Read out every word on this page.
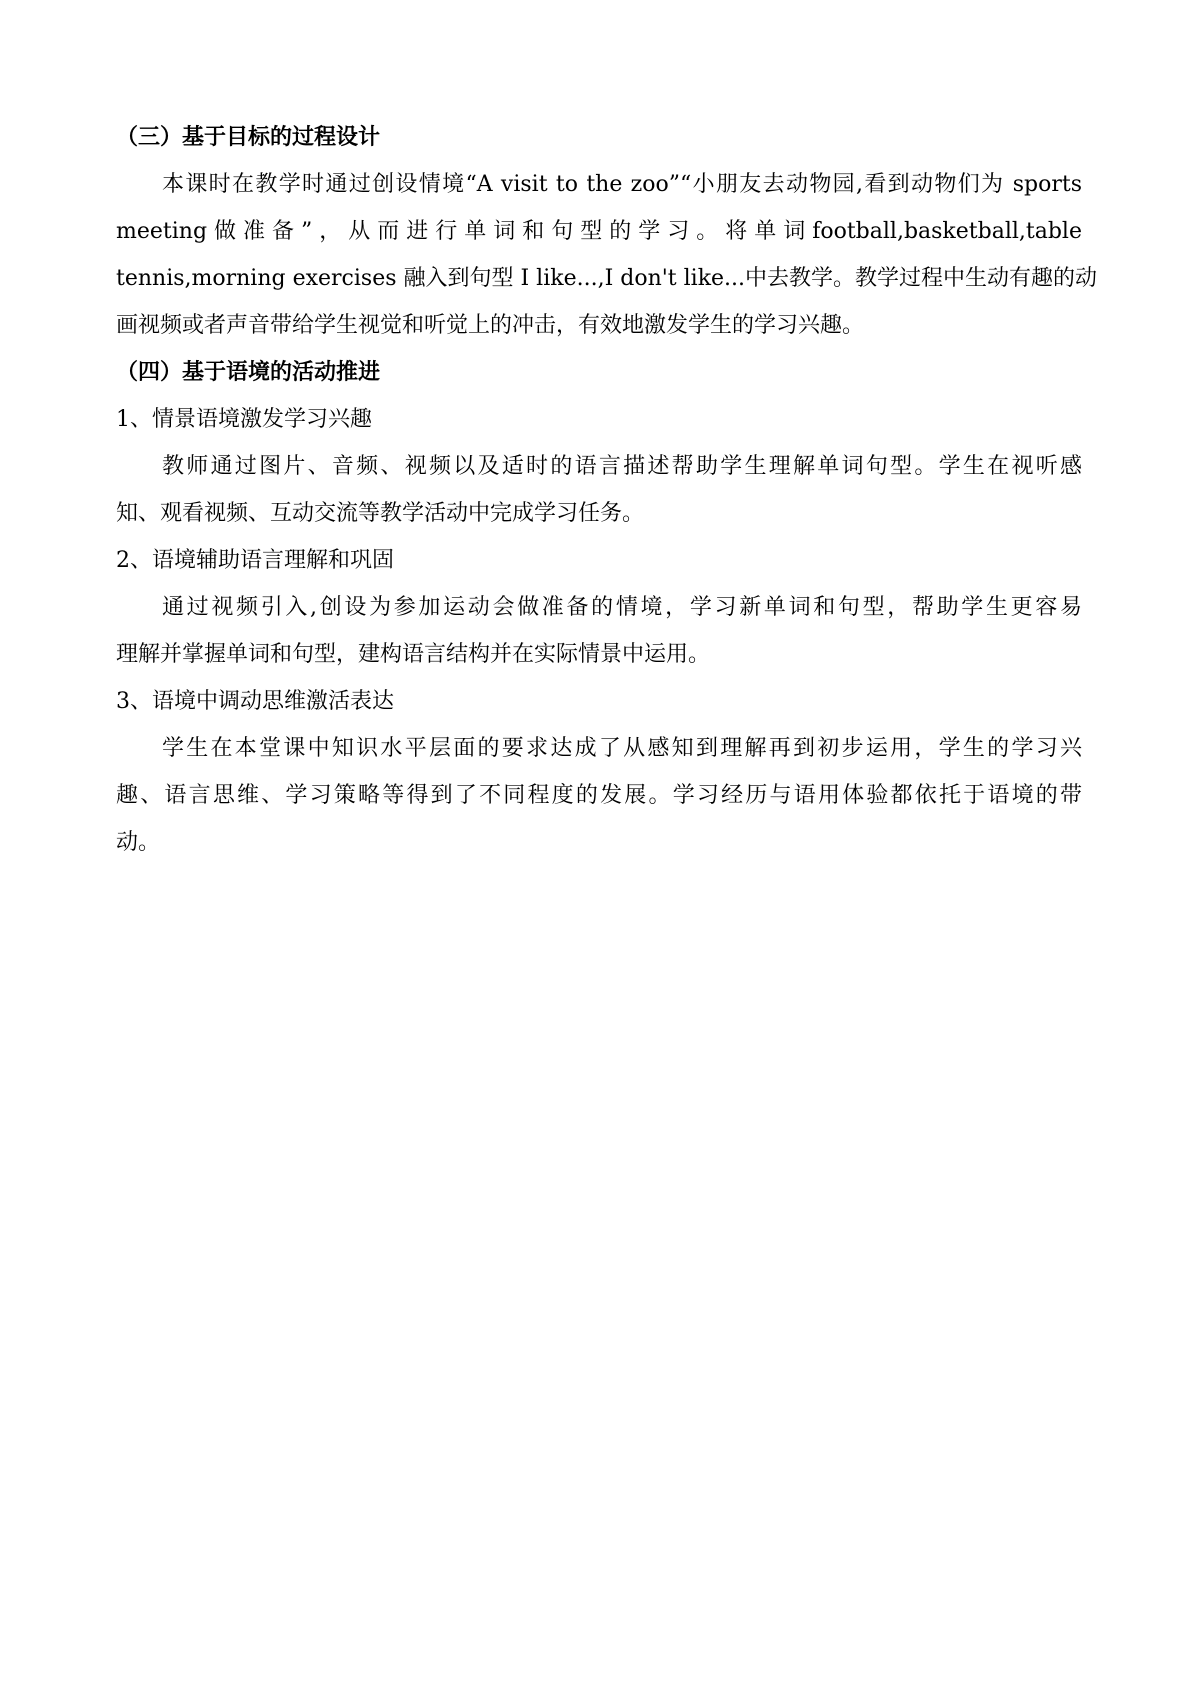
（三）基于目标的过程设计
本课时在教学时通过创设情境“A visit to the zoo”“小朋友去动物园,看到动物们为 sports
meeting 做 准 备 ” ， 从 而 进 行 单 词 和 句 型 的 学 习 。 将 单 词 football,basketball,table
tennis,morning exercises 融入到句型 I like...,I don't like...中去教学。教学过程中生动有趣的动
画视频或者声音带给学生视觉和听觉上的冲击，有效地激发学生的学习兴趣。
（四）基于语境的活动推进
1、情景语境激发学习兴趣
教师通过图片、音频、视频以及适时的语言描述帮助学生理解单词句型。学生在视听感
知、观看视频、互动交流等教学活动中完成学习任务。
2、语境辅助语言理解和巩固
通过视频引入,创设为参加运动会做准备的情境，学习新单词和句型，帮助学生更容易
理解并掌握单词和句型，建构语言结构并在实际情景中运用。
3、语境中调动思维激活表达
学生在本堂课中知识水平层面的要求达成了从感知到理解再到初步运用，学生的学习兴
趣、语言思维、学习策略等得到了不同程度的发展。学习经历与语用体验都依托于语境的带
动。
